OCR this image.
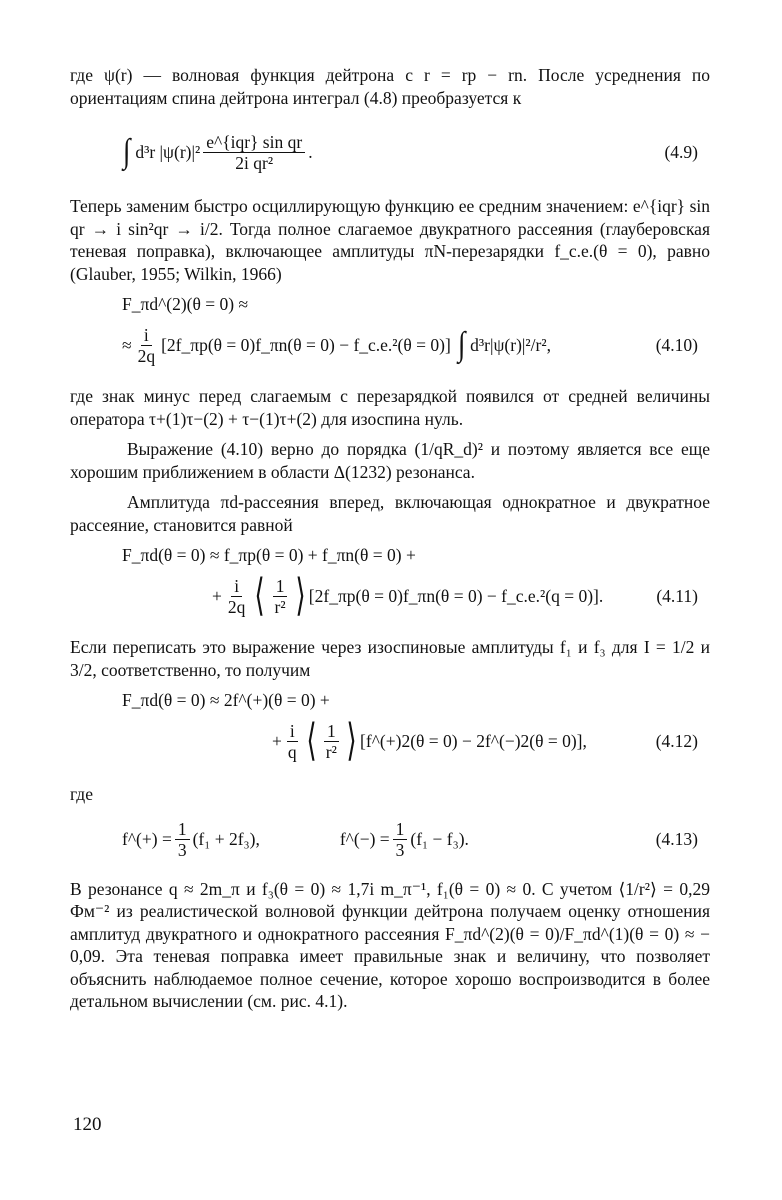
где ψ(r) — волновая функция дейтрона с r = rp − rn. После усреднения по ориентациям спина дейтрона интеграл (4.8) преобразуется к

∫ d³r $|\psi(r)|^2 \frac{\text{e\textasciicircum{}\{iqr\} sin qr}}{\text{2i qr²}}$ .	(4.9)

Теперь заменим быстро осциллирующую функцию ее средним значением: e^{iqr} sin qr → i sin²qr → i/2. Тогда полное слагаемое двукратного рассеяния (глауберовская теневая поправка), включающее амплитуды πN-перезарядки f_c.e.(θ = 0), равно (Glauber, 1955; Wilkin, 1966)

F_πd^(2)(θ = 0) ≈
≈ $\frac{i}{2q}$ [2f_πp(θ = 0)f_πn(θ = 0) − f_c.e.²(θ = 0)] ∫ d³r|ψ(r)|²/r²,	(4.10)

где знак минус перед слагаемым с перезарядкой появился от средней величины оператора τ+(1)τ−(2) + τ−(1)τ+(2) для изоспина нуль.

Выражение (4.10) верно до порядка (1/qR_d)² и поэтому является все еще хорошим приближением в области Δ(1232) резонанса.

Амплитуда πd-рассеяния вперед, включающая однократное и двукратное рассеяние, становится равной

F_πd(θ = 0) ≈ f_πp(θ = 0) + f_πn(θ = 0) +
+ $\frac{i}{2q}$ ⟨ $\frac{1}{\text{r²}}$ ⟩ [2f_πp(θ = 0)f_πn(θ = 0) − f_c.e.²(q = 0)].	(4.11)

Если переписать это выражение через изоспиновые амплитуды f₁ и f₃ для I = 1/2 и 3/2, соответственно, то получим

F_πd(θ = 0) ≈ 2f^(+)(θ = 0) +
+ $\frac{i}{q}$ ⟨ $\frac{1}{\text{r²}}$ ⟩ [f^(+)2(θ = 0) − 2f^(−)2(θ = 0)],	(4.12)

где

f^(+) = $\frac{1}{3} (f_1 + 2f_3)$,	f^(−) = $\frac{1}{3} (f_1 - f_3)$.	(4.13)

В резонансе q ≈ 2m_π и f₃(θ = 0) ≈ 1,7i m_π⁻¹, f₁(θ = 0) ≈ 0. С учетом ⟨1/r²⟩ = 0,29 Фм⁻² из реалистической волновой функции дейтрона получаем оценку отношения амплитуд двукратного и однократного рассеяния F_πd^(2)(θ = 0)/F_πd^(1)(θ = 0) ≈ − 0,09. Эта теневая поправка имеет правильные знак и величину, что позволяет объяснить наблюдаемое полное сечение, которое хорошо воспроизводится в более детальном вычислении (см. рис. 4.1).

120
